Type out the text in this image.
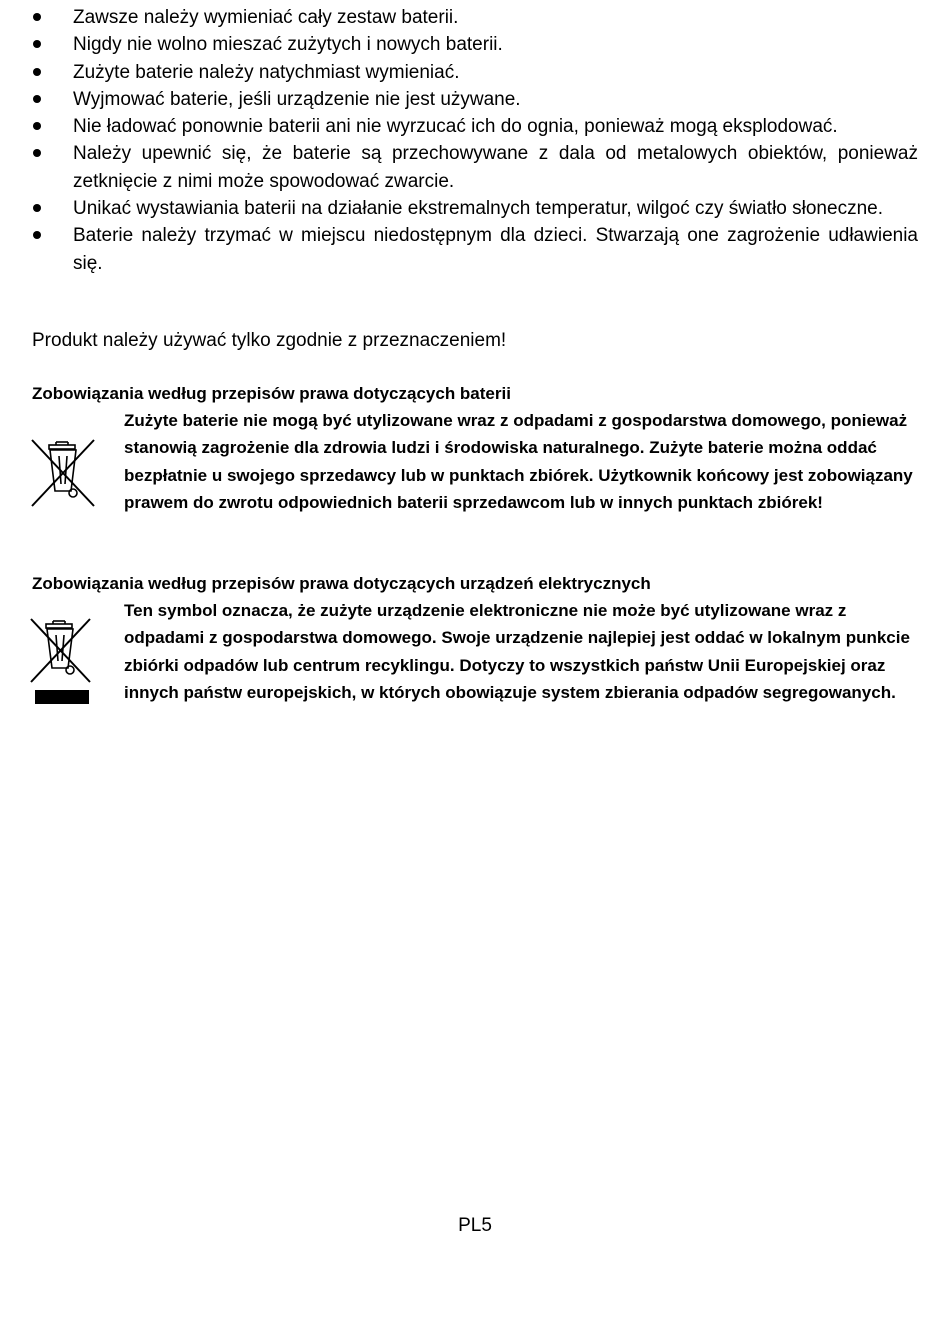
Zawsze należy wymieniać cały zestaw baterii.
Nigdy nie wolno mieszać zużytych i nowych baterii.
Zużyte baterie należy natychmiast wymieniać.
Wyjmować baterie, jeśli urządzenie nie jest używane.
Nie ładować ponownie baterii ani nie wyrzucać ich do ognia, ponieważ mogą eksplodować.
Należy upewnić się, że baterie są przechowywane z dala od metalowych obiektów, ponieważ zetknięcie z nimi może spowodować zwarcie.
Unikać wystawiania baterii na działanie ekstremalnych temperatur, wilgoć czy światło słoneczne.
Baterie należy trzymać w miejscu niedostępnym dla dzieci. Stwarzają one zagrożenie udławienia się.
Produkt należy używać tylko zgodnie z przeznaczeniem!
Zobowiązania według przepisów prawa dotyczących baterii
Zużyte baterie nie mogą być utylizowane wraz z odpadami z gospodarstwa domowego, ponieważ stanowią zagrożenie dla zdrowia ludzi i środowiska naturalnego. Zużyte baterie można oddać bezpłatnie u swojego sprzedawcy lub w punktach zbiórek. Użytkownik końcowy jest zobowiązany prawem do zwrotu odpowiednich baterii sprzedawcom lub w innych punktach zbiórek!
Zobowiązania według przepisów prawa dotyczących urządzeń elektrycznych
Ten symbol oznacza, że zużyte urządzenie elektroniczne nie może być utylizowane wraz z odpadami z gospodarstwa domowego. Swoje urządzenie najlepiej jest oddać w lokalnym punkcie zbiórki odpadów lub centrum recyklingu. Dotyczy to wszystkich państw Unii Europejskiej oraz innych państw europejskich, w których obowiązuje system zbierania odpadów segregowanych.
PL5
